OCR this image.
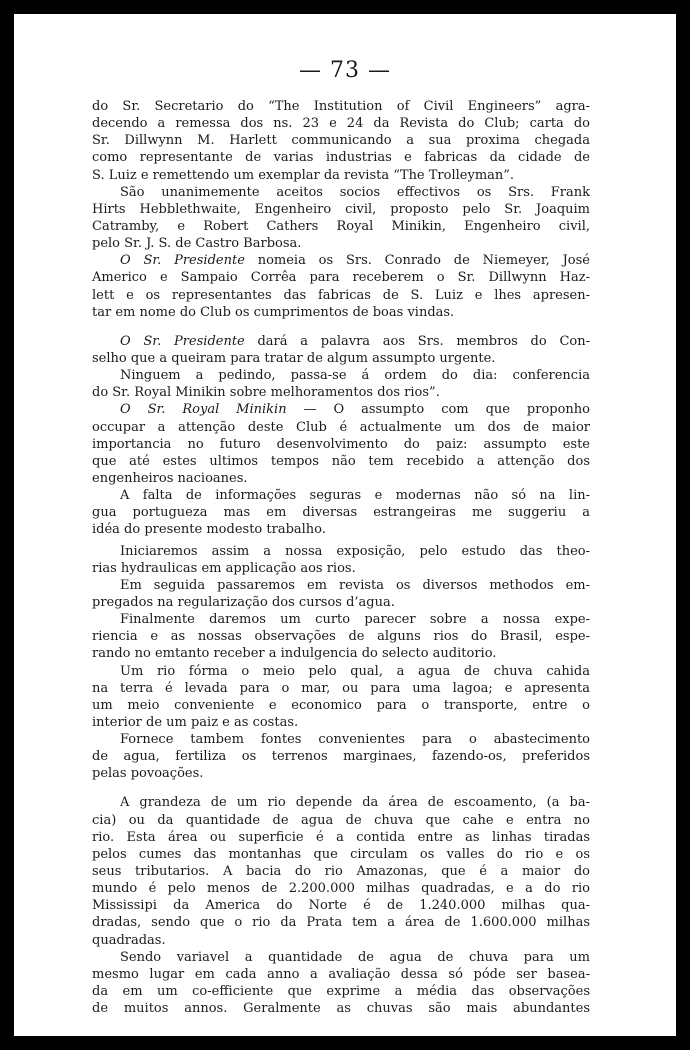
— 73 —
do Sr. Secretario do “The Institution of Civil Engineers” agra-
decendo a remessa dos ns. 23 e 24 da Revista do Club; carta do
Sr. Dillwynn M. Harlett communicando a sua proxima chegada
como representante de varias industrias e fabricas da cidade de
S. Luiz e remettendo um exemplar da revista “The Trolleyman”.
São unanimemente aceitos socios effectivos os Srs. Frank
Hirts Hebblethwaite, Engenheiro civil, proposto pelo Sr. Joaquim
Catramby, e Robert Cathers Royal Minikin, Engenheiro civil,
pelo Sr. J. S. de Castro Barbosa.
O Sr. Presidente nomeia os Srs. Conrado de Niemeyer, José
Americo e Sampaio Corrêa para receberem o Sr. Dillwynn Haz-
lett e os representantes das fabricas de S. Luiz e lhes apresen-
tar em nome do Club os cumprimentos de boas vindas.
O Sr. Presidente dará a palavra aos Srs. membros do Con-
selho que a queiram para tratar de algum assumpto urgente.
Ninguem a pedindo, passa-se á ordem do dia: conferencia
do Sr. Royal Minikin sobre melhoramentos dos rios”.
O Sr. Royal Minikin — O assumpto com que proponho
occupar a attenção deste Club é actualmente um dos de maior
importancia no futuro desenvolvimento do paiz: assumpto este
que até estes ultimos tempos não tem recebido a attenção dos
engenheiros nacioanes.
A falta de informações seguras e modernas não só na lin-
gua portugueza mas em diversas estrangeiras me suggeriu a
idéa do presente modesto trabalho.
Iniciaremos assim a nossa exposição, pelo estudo das theo-
rias hydraulicas em applicação aos rios.
Em seguida passaremos em revista os diversos methodos em-
pregados na regularização dos cursos d’agua.
Finalmente daremos um curto parecer sobre a nossa expe-
riencia e as nossas observações de alguns rios do Brasil, espe-
rando no emtanto receber a indulgencia do selecto auditorio.
Um rio fórma o meio pelo qual, a agua de chuva cahida
na terra é levada para o mar, ou para uma lagoa; e apresenta
um meio conveniente e economico para o transporte, entre o
interior de um paiz e as costas.
Fornece tambem fontes convenientes para o abastecimento
de agua, fertiliza os terrenos marginaes, fazendo-os, preferidos
pelas povoações.
A grandeza de um rio depende da área de escoamento, (a ba-
cia) ou da quantidade de agua de chuva que cahe e entra no
rio. Esta área ou superficie é a contida entre as linhas tiradas
pelos cumes das montanhas que circulam os valles do rio e os
seus tributarios. A bacia do rio Amazonas, que é a maior do
mundo é pelo menos de 2.200.000 milhas quadradas, e a do rio
Mississipi da America do Norte é de 1.240.000 milhas qua-
dradas, sendo que o rio da Prata tem a área de 1.600.000 milhas
quadradas.
Sendo variavel a quantidade de agua de chuva para um
mesmo lugar em cada anno a avaliação dessa só póde ser basea-
da em um co-efficiente que exprime a média das observações
de muitos annos. Geralmente as chuvas são mais abundantes
